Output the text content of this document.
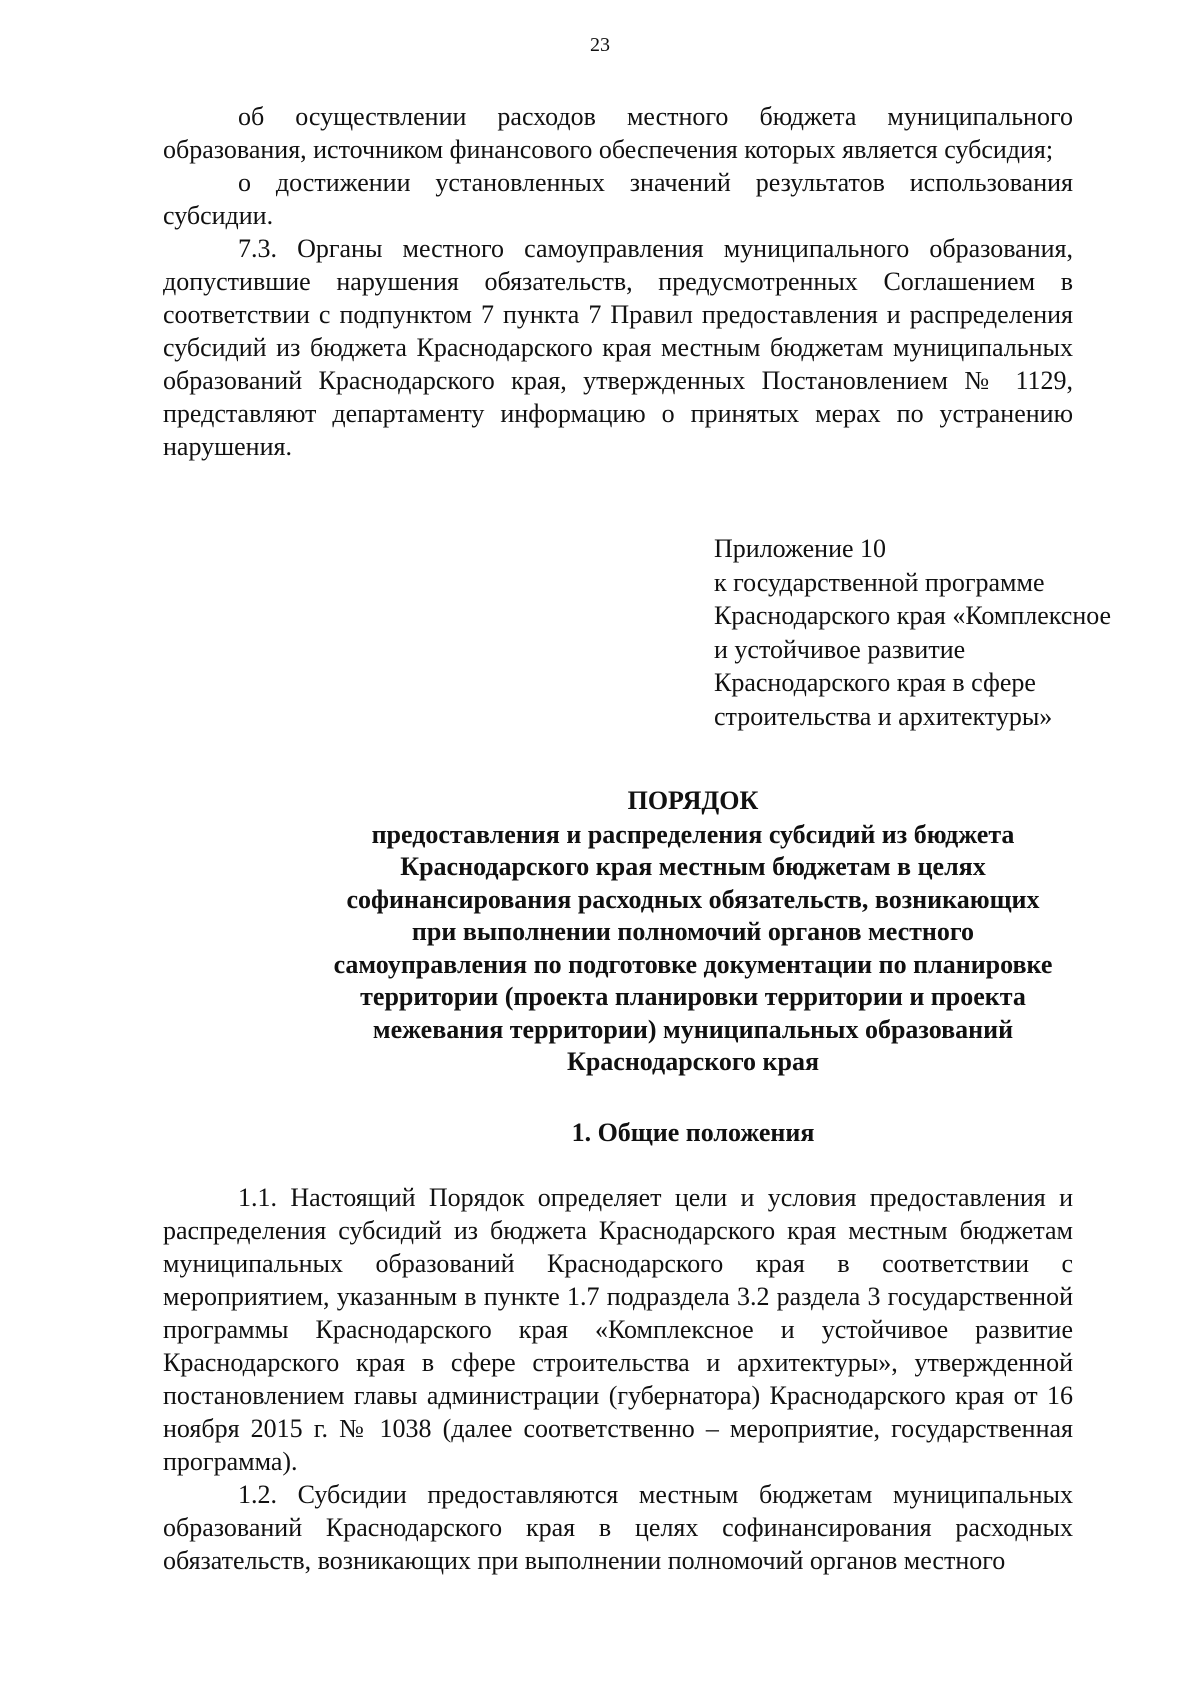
23

об осуществлении расходов местного бюджета муниципального образования, источником финансового обеспечения которых является субсидия;

о достижении установленных значений результатов использования субсидии.

7.3. Органы местного самоуправления муниципального образования, допустившие нарушения обязательств, предусмотренных Соглашением в соответствии с подпунктом 7 пункта 7 Правил предоставления и распределения субсидий из бюджета Краснодарского края местным бюджетам муниципальных образований Краснодарского края, утвержденных Постановлением № 1129, представляют департаменту информацию о принятых мерах по устранению нарушения.

Приложение 10
к государственной программе
Краснодарского края «Комплексное
и устойчивое развитие
Краснодарского края в сфере
строительства и архитектуры»
ПОРЯДОК
предоставления и распределения субсидий из бюджета
Краснодарского края местным бюджетам в целях
софинансирования расходных обязательств, возникающих
при выполнении полномочий органов местного
самоуправления по подготовке документации по планировке
территории (проекта планировки территории и проекта
межевания территории) муниципальных образований
Краснодарского края
1. Общие положения

1.1. Настоящий Порядок определяет цели и условия предоставления и распределения субсидий из бюджета Краснодарского края местным бюджетам муниципальных образований Краснодарского края в соответствии с мероприятием, указанным в пункте 1.7 подраздела 3.2 раздела 3 государственной программы Краснодарского края «Комплексное и устойчивое развитие Краснодарского края в сфере строительства и архитектуры», утвержденной постановлением главы администрации (губернатора) Краснодарского края от 16 ноября 2015 г. № 1038 (далее соответственно – мероприятие, государственная программа).

1.2. Субсидии предоставляются местным бюджетам муниципальных образований Краснодарского края в целях софинансирования расходных обязательств, возникающих при выполнении полномочий органов местного
